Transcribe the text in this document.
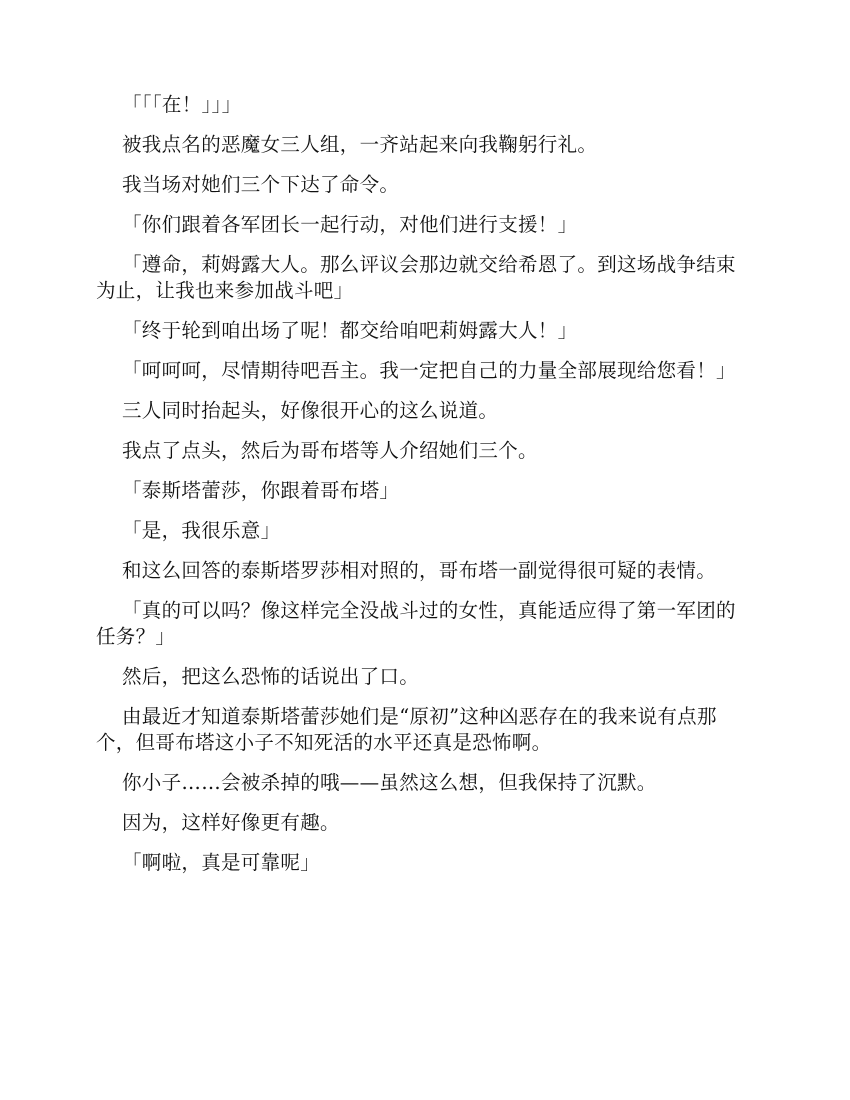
「「「在！」」」

被我点名的恶魔女三人组，一齐站起来向我鞠躬行礼。

我当场对她们三个下达了命令。

「你们跟着各军团长一起行动，对他们进行支援！」

「遵命，莉姆露大人。那么评议会那边就交给希恩了。到这场战争结束为止，让我也来参加战斗吧」

「终于轮到咱出场了呢！都交给咱吧莉姆露大人！」

「呵呵呵，尽情期待吧吾主。我一定把自己的力量全部展现给您看！」

三人同时抬起头，好像很开心的这么说道。

我点了点头，然后为哥布塔等人介绍她们三个。

「泰斯塔蕾莎，你跟着哥布塔」

「是，我很乐意」

和这么回答的泰斯塔罗莎相对照的，哥布塔一副觉得很可疑的表情。

「真的可以吗？像这样完全没战斗过的女性，真能适应得了第一军团的任务？」

然后，把这么恐怖的话说出了口。

由最近才知道泰斯塔蕾莎她们是“原初”这种凶恶存在的我来说有点那个，但哥布塔这小子不知死活的水平还真是恐怖啊。

你小子……会被杀掉的哦——虽然这么想，但我保持了沉默。

因为，这样好像更有趣。

「啊啦，真是可靠呢」
